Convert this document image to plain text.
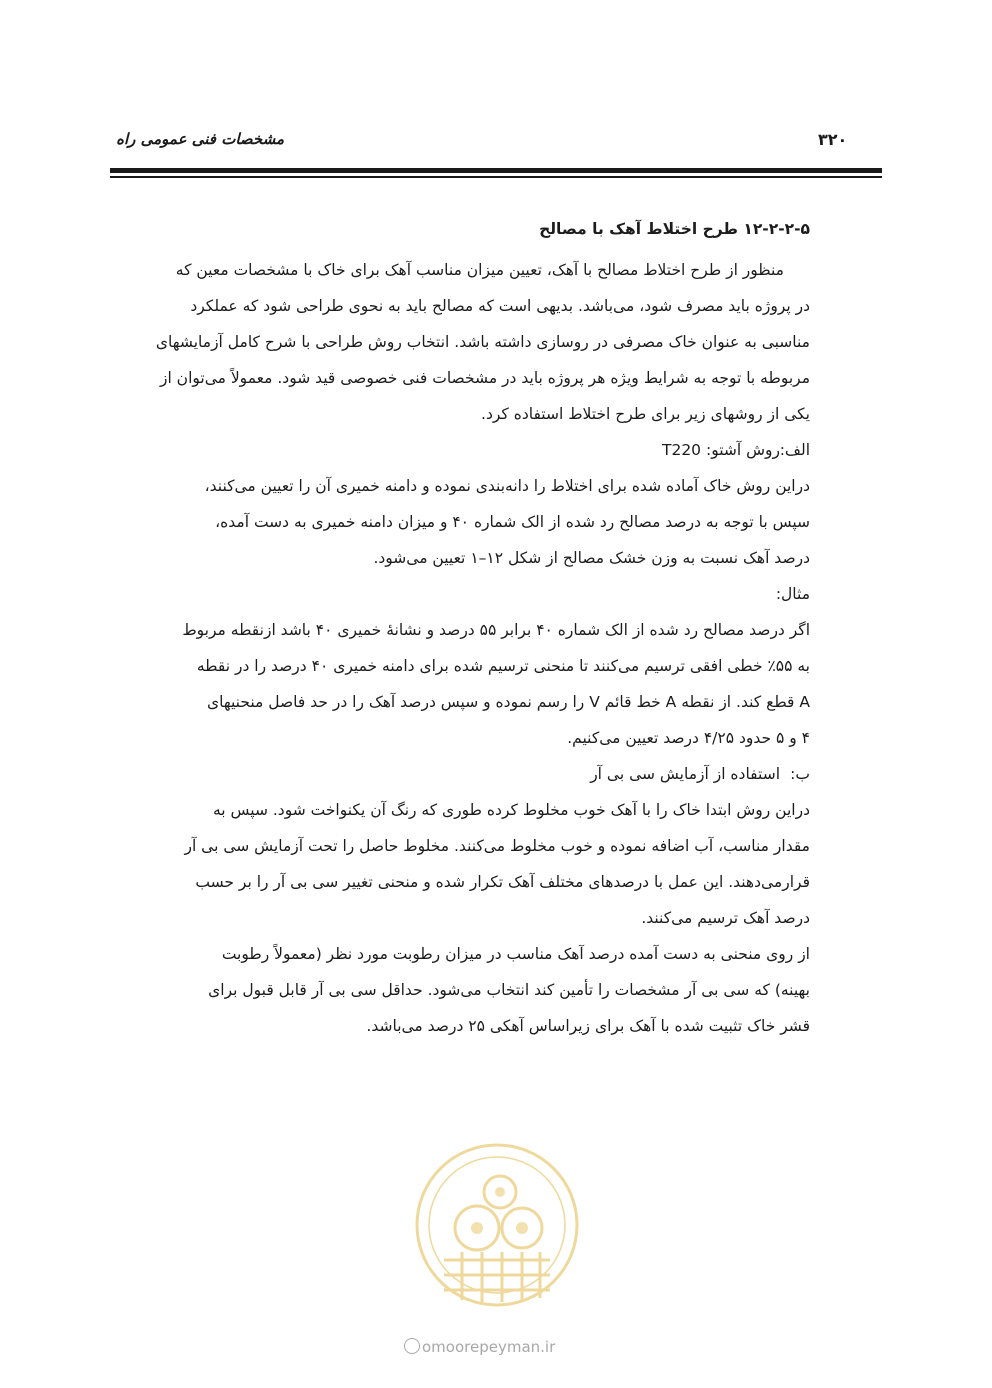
۳۲۰
مشخصات فنی عمومی راه

۱۲-۲-۲-۵ طرح اختلاط آهک با مصالح

منظور از طرح اختلاط مصالح با آهک، تعیین میزان مناسب آهک برای خاک با مشخصات معین که

در پروژه باید مصرف شود، می‌باشد. بدیهی است که مصالح باید به نحوی طراحی شود که عملکرد

مناسبی به عنوان خاک مصرفی در روسازی داشته باشد. انتخاب روش طراحی با شرح کامل آزمایشهای

مربوطه با توجه به شرایط ویژه هر پروژه باید در مشخصات فنی خصوصی قید شود. معمولاً می‌توان از

یکی از روشهای زیر برای طرح اختلاط استفاده کرد.

الف:
روش آشتو: T220

دراین روش خاک آماده شده برای اختلاط را دانه‌بندی نموده و دامنه خمیری آن را تعیین می‌کنند،

سپس با توجه به درصد مصالح رد شده از الک شماره ۴۰ و میزان دامنه خمیری به دست آمده،

درصد آهک نسبت به وزن خشک مصالح از شکل ۱۲–۱ تعیین می‌شود.

مثال:

اگر درصد مصالح رد شده از الک شماره ۴۰ برابر ۵۵ درصد و نشانهٔ خمیری ۴۰ باشد ازنقطه مربوط

به ۵۵٪ خطی افقی ترسیم می‌کنند تا منحنی ترسیم شده برای دامنه خمیری ۴۰ درصد را در نقطه

A قطع کند. از نقطه A خط قائم V را رسم نموده و سپس درصد آهک را در حد فاصل منحنیهای

۴ و ۵ حدود ۴/۲۵ درصد تعیین می‌کنیم.

ب:
استفاده از آزمایش سی بی آر

دراین روش ابتدا خاک را با آهک خوب مخلوط کرده طوری که رنگ آن یکنواخت شود. سپس به

مقدار مناسب، آب اضافه نموده و خوب مخلوط می‌کنند. مخلوط حاصل را تحت آزمایش سی بی آر

قرارمی‌دهند. این عمل با درصدهای مختلف آهک تکرار شده و منحنی تغییر سی بی آر را بر حسب

درصد آهک ترسیم می‌کنند.

از روی منحنی به دست آمده درصد آهک مناسب در میزان رطوبت مورد نظر (معمولاً رطوبت

بهینه) که سی بی آر مشخصات را تأمین کند انتخاب می‌شود. حداقل سی بی آر قابل قبول برای

قشر خاک تثبیت شده با آهک برای زیراساس آهکی ۲۵ درصد می‌باشد.

omoorepeyman.ir
